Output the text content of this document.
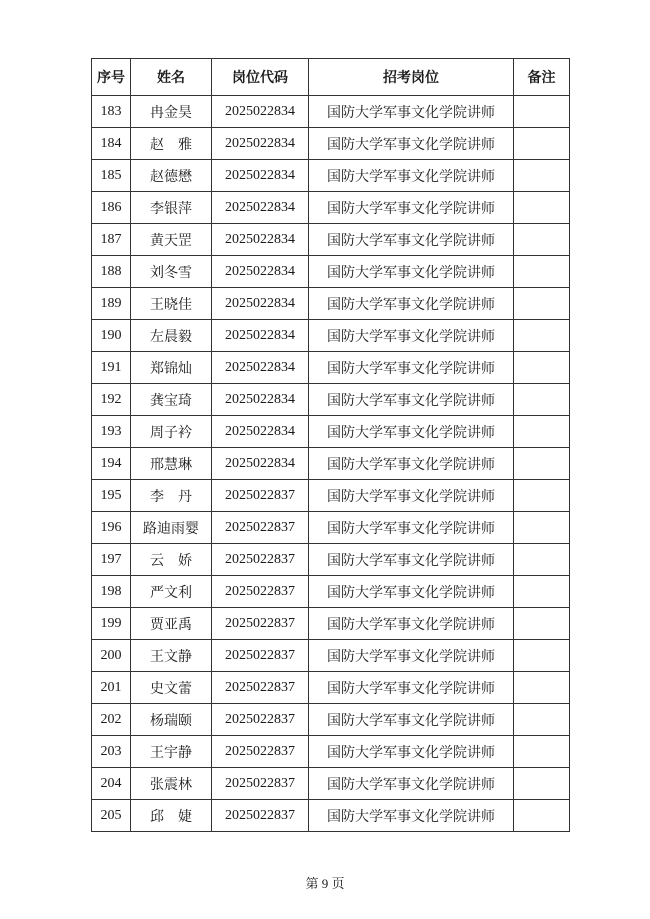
序号	姓名	岗位代码	招考岗位	备注
183	冉金昊	2025022834	国防大学军事文化学院讲师	
184	赵　雅	2025022834	国防大学军事文化学院讲师	
185	赵德懋	2025022834	国防大学军事文化学院讲师	
186	李银萍	2025022834	国防大学军事文化学院讲师	
187	黄天罡	2025022834	国防大学军事文化学院讲师	
188	刘冬雪	2025022834	国防大学军事文化学院讲师	
189	王晓佳	2025022834	国防大学军事文化学院讲师	
190	左晨毅	2025022834	国防大学军事文化学院讲师	
191	郑锦灿	2025022834	国防大学军事文化学院讲师	
192	龚宝琦	2025022834	国防大学军事文化学院讲师	
193	周子衿	2025022834	国防大学军事文化学院讲师	
194	邢慧琳	2025022834	国防大学军事文化学院讲师	
195	李　丹	2025022837	国防大学军事文化学院讲师	
196	路迪雨婴	2025022837	国防大学军事文化学院讲师	
197	云　娇	2025022837	国防大学军事文化学院讲师	
198	严文利	2025022837	国防大学军事文化学院讲师	
199	贾亚禹	2025022837	国防大学军事文化学院讲师	
200	王文静	2025022837	国防大学军事文化学院讲师	
201	史文蕾	2025022837	国防大学军事文化学院讲师	
202	杨瑞颐	2025022837	国防大学军事文化学院讲师	
203	王宇静	2025022837	国防大学军事文化学院讲师	
204	张震林	2025022837	国防大学军事文化学院讲师	
205	邱　婕	2025022837	国防大学军事文化学院讲师	
第 9 页
